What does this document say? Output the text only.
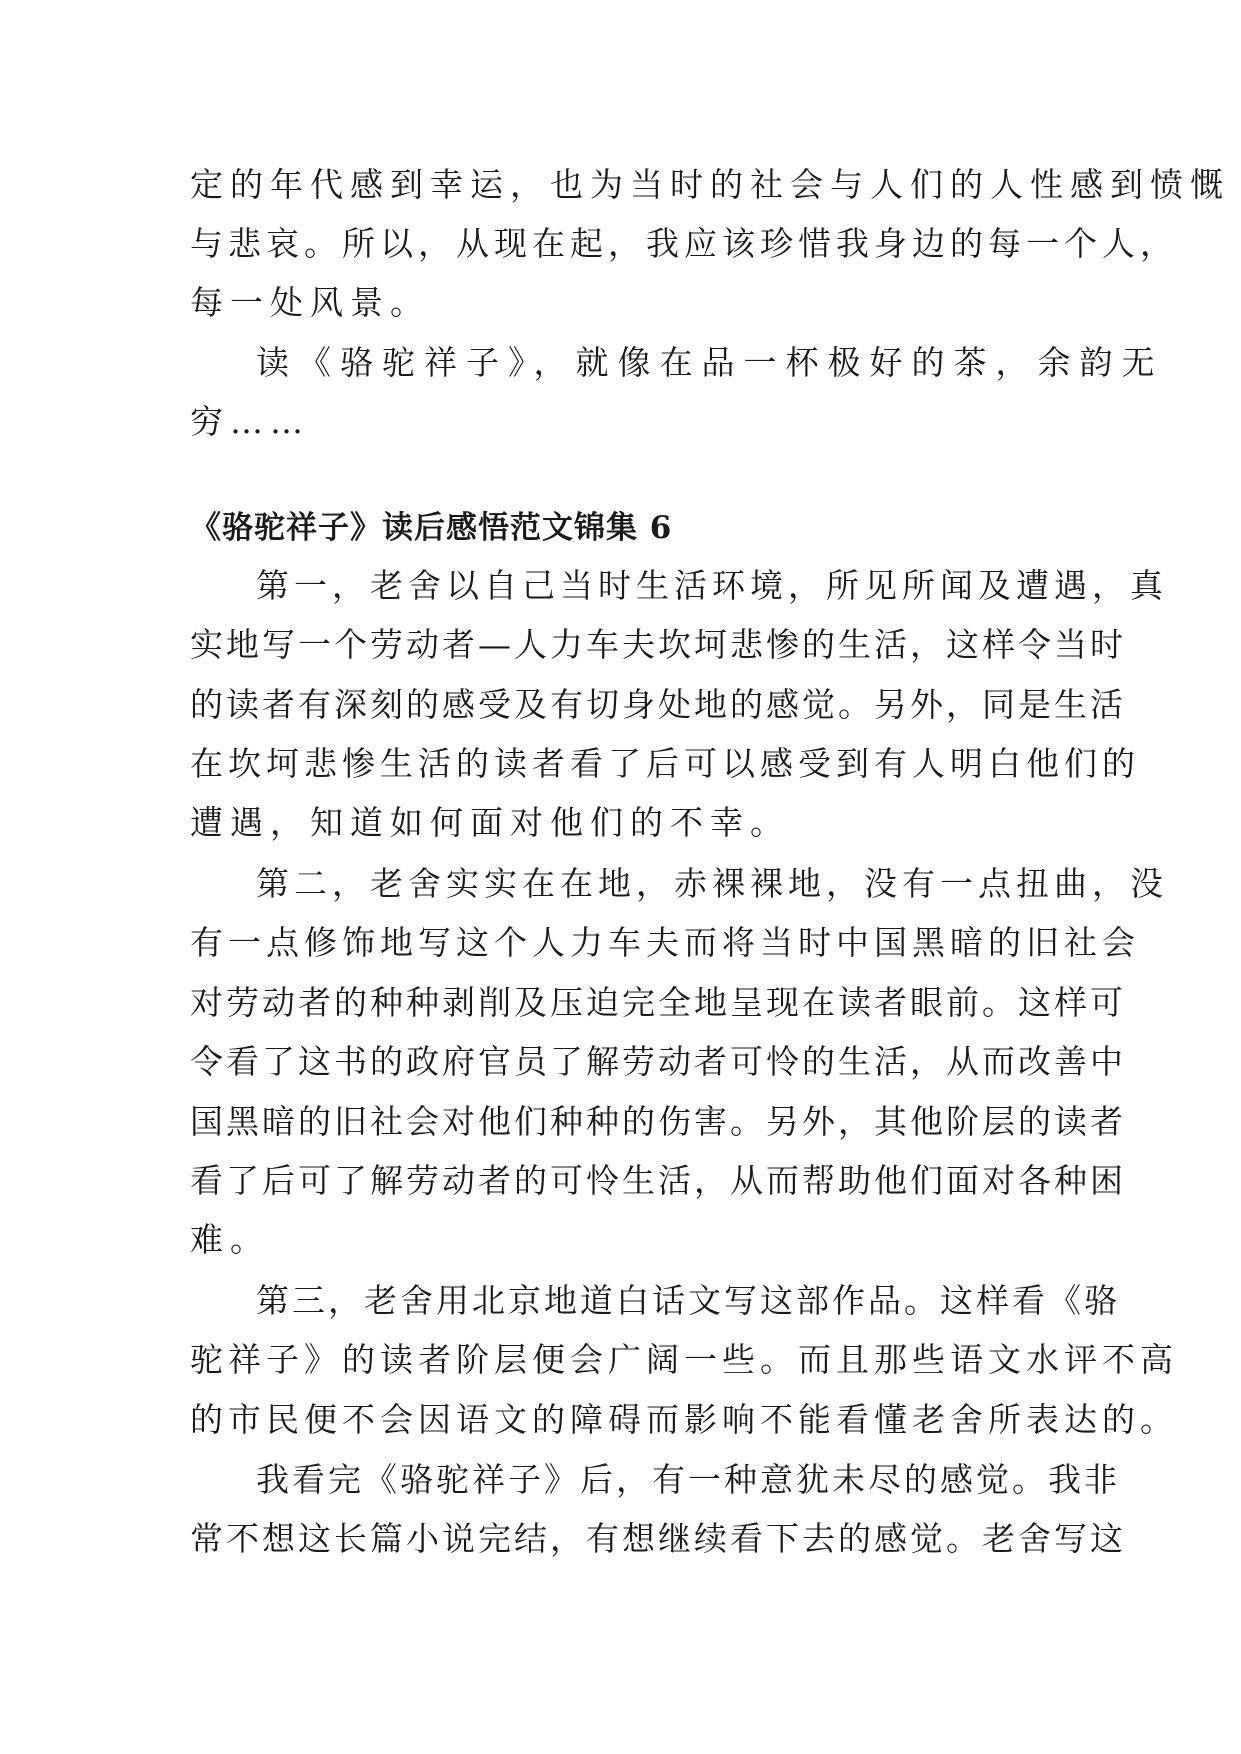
定的年代感到幸运，也为当时的社会与人们的人性感到愤慨

与悲哀。所以，从现在起，我应该珍惜我身边的每一个人，

每一处风景。

读《骆驼祥子》，就像在品一杯极好的茶，余韵无

穷……

《骆驼祥子》读后感悟范文锦集 6

第一，老舍以自己当时生活环境，所见所闻及遭遇，真

实地写一个劳动者—人力车夫坎坷悲惨的生活，这样令当时

的读者有深刻的感受及有切身处地的感觉。另外，同是生活

在坎坷悲惨生活的读者看了后可以感受到有人明白他们的

遭遇，知道如何面对他们的不幸。

第二，老舍实实在在地，赤裸裸地，没有一点扭曲，没

有一点修饰地写这个人力车夫而将当时中国黑暗的旧社会

对劳动者的种种剥削及压迫完全地呈现在读者眼前。这样可

令看了这书的政府官员了解劳动者可怜的生活，从而改善中

国黑暗的旧社会对他们种种的伤害。另外，其他阶层的读者

看了后可了解劳动者的可怜生活，从而帮助他们面对各种困

难。

第三，老舍用北京地道白话文写这部作品。这样看《骆

驼祥子》的读者阶层便会广阔一些。而且那些语文水评不高

的市民便不会因语文的障碍而影响不能看懂老舍所表达的。

我看完《骆驼祥子》后，有一种意犹未尽的感觉。我非

常不想这长篇小说完结，有想继续看下去的感觉。老舍写这
